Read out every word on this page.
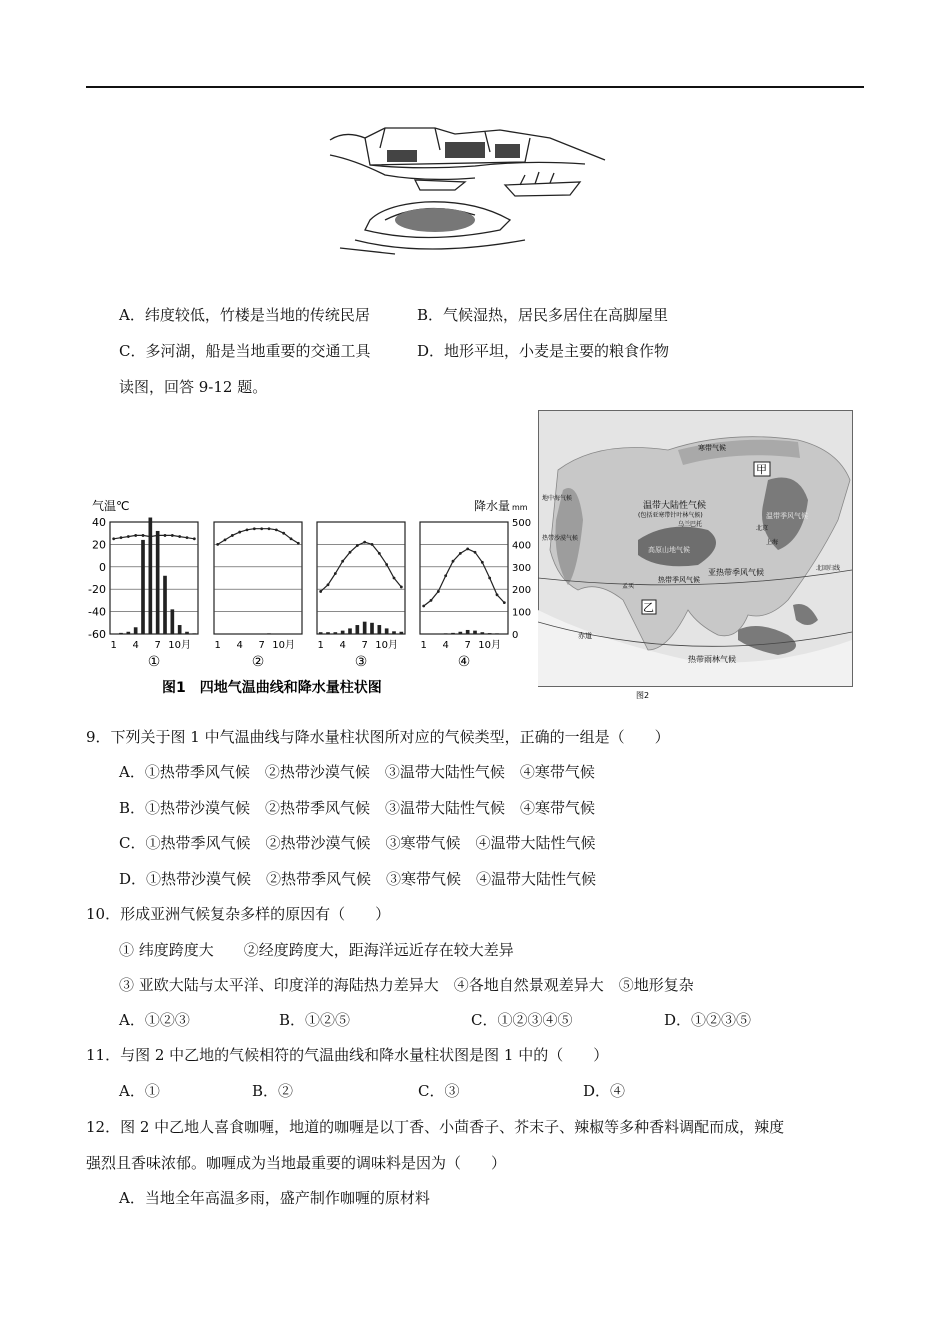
A．纬度较低，竹楼是当地的传统民居	B．气候湿热，居民多居住在高脚屋里
C．多河湖，船是当地重要的交通工具	D．地形平坦，小麦是主要的粮食作物
读图，回答 9-12 题。
气温℃	降水量 mm
40
20
0
-20
-40
-60
500
400
300
200
100
0
1 4 7 10月
①
1 4 7 10月
②
1 4 7 10月
③
1 4 7 10月
④
图1　四地气温曲线和降水量柱状图
甲
乙
温带大陆性气候
(包括亚寒带针叶林气候)
乌兰巴托
高原山地气候
温带季风气候
北京
上海
亚热带季风气候
热带季风气候
孟买
热带雨林气候
寒带气候
地中海气候
热带沙漠气候
北回归线
赤道
图2
9．下列关于图 1 中气温曲线与降水量柱状图所对应的气候类型，正确的一组是（　　）
A．①热带季风气候　②热带沙漠气候　③温带大陆性气候　④寒带气候
B．①热带沙漠气候　②热带季风气候　③温带大陆性气候　④寒带气候
C．①热带季风气候　②热带沙漠气候　③寒带气候　④温带大陆性气候
D．①热带沙漠气候　②热带季风气候　③寒带气候　④温带大陆性气候
10．形成亚洲气候复杂多样的原因有（　　）
① 纬度跨度大　　②经度跨度大，距海洋远近存在较大差异
③ 亚欧大陆与太平洋、印度洋的海陆热力差异大　④各地自然景观差异大　⑤地形复杂
A．①②③	B．①②⑤	C．①②③④⑤	D．①②③⑤
11．与图 2 中乙地的气候相符的气温曲线和降水量柱状图是图 1 中的（　　）
A．①	B．②	C．③	D．④
12．图 2 中乙地人喜食咖喱，地道的咖喱是以丁香、小茴香子、芥末子、辣椒等多种香料调配而成，辣度
强烈且香味浓郁。咖喱成为当地最重要的调味料是因为（　　）
A．当地全年高温多雨，盛产制作咖喱的原材料
